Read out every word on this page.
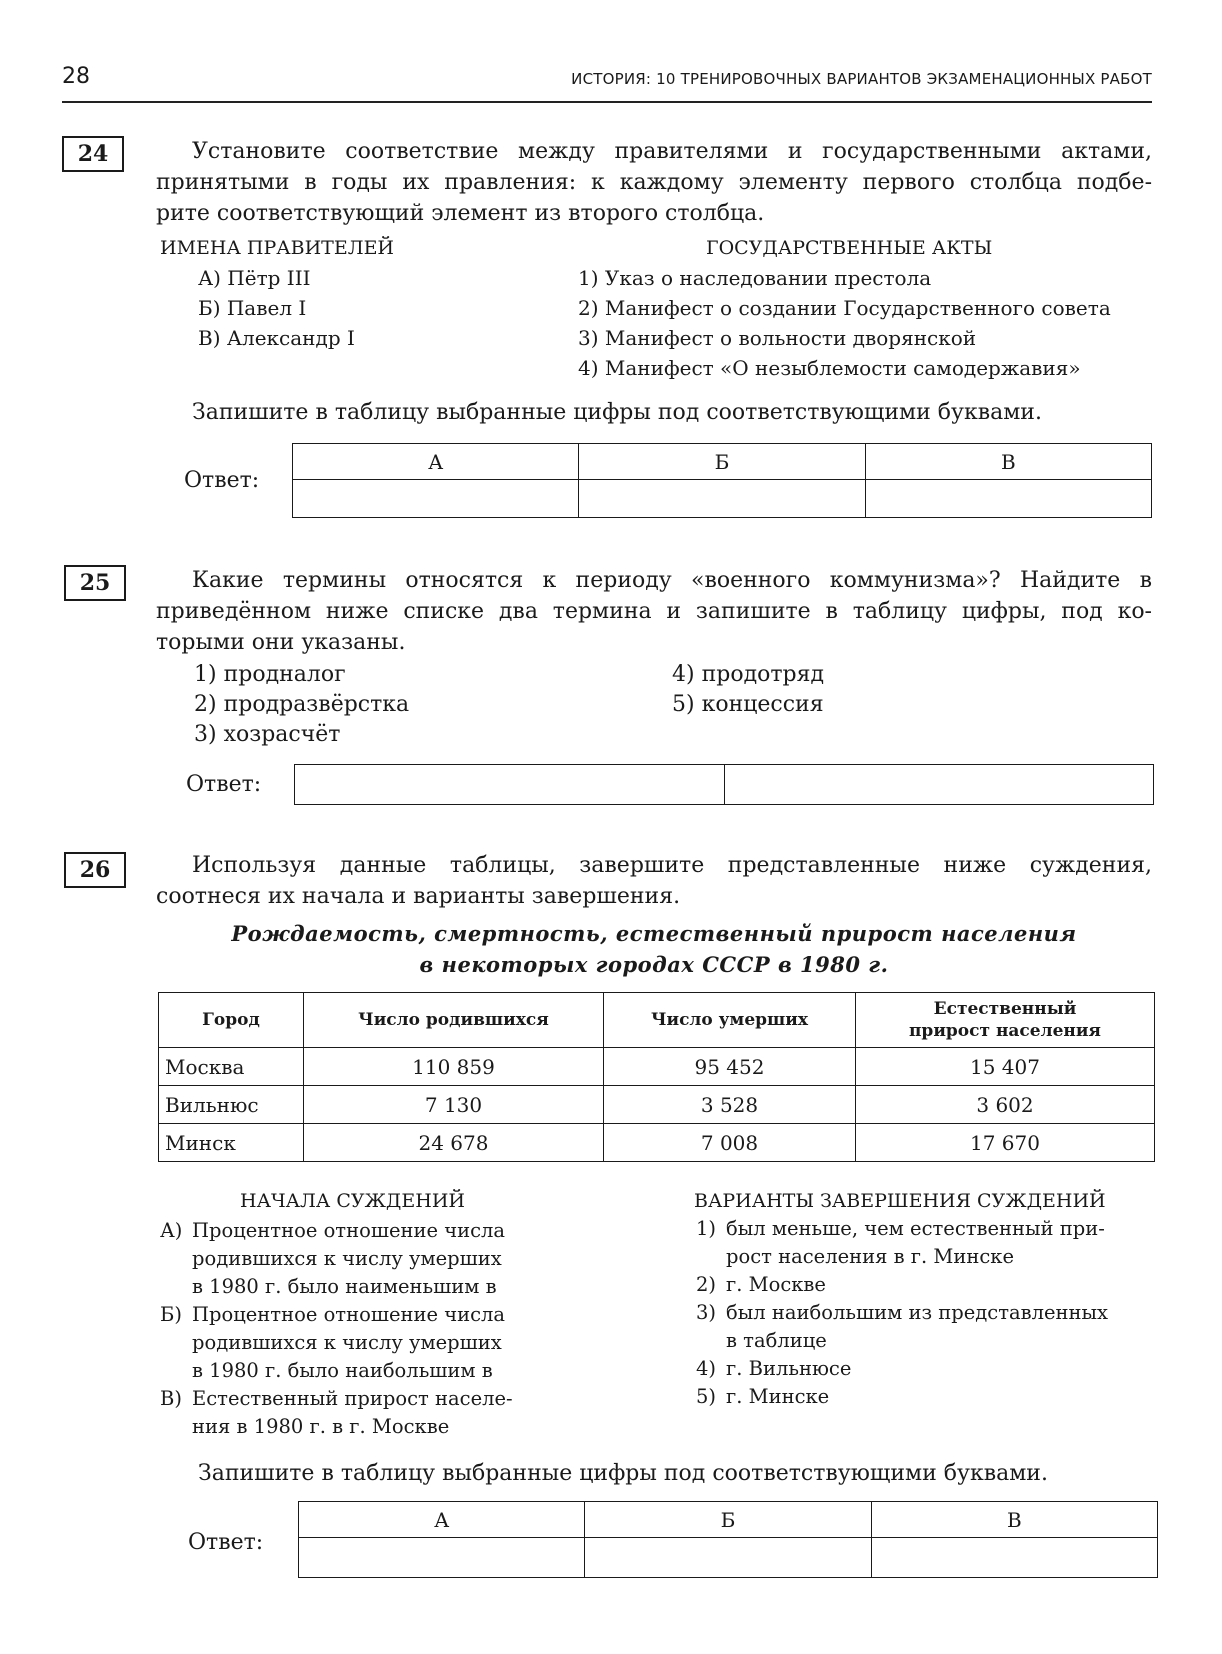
28	ИСТОРИЯ: 10 ТРЕНИРОВОЧНЫХ ВАРИАНТОВ ЭКЗАМЕНАЦИОННЫХ РАБОТ
24	Установите соответствие между правителями и государственными актами,
принятыми в годы их правления: к каждому элементу первого столбца подбе-
рите соответствующий элемент из второго столбца.
ИМЕНА ПРАВИТЕЛЕЙ	ГОСУДАРСТВЕННЫЕ АКТЫ
А) Пётр III
Б) Павел I
В) Александр I
1) Указ о наследовании престола
2) Манифест о создании Государственного совета
3) Манифест о вольности дворянской
4) Манифест «О незыблемости самодержавия»
Запишите в таблицу выбранные цифры под соответствующими буквами.
Ответ:
А	Б	В

25	Какие термины относятся к периоду «военного коммунизма»? Найдите в
приведённом ниже списке два термина и запишите в таблицу цифры, под ко-
торыми они указаны.
1) продналог
2) продразвёрстка
3) хозрасчёт
4) продотряд
5) концессия
Ответ:

26	Используя данные таблицы, завершите представленные ниже суждения,
соотнеся их начала и варианты завершения.
Рождаемость, смертность, естественный прирост населения
в некоторых городах СССР в 1980 г.
Город	Число родившихся	Число умерших	Естественный прирост населения
Москва	110 859	95 452	15 407
Вильнюс	7 130	3 528	3 602
Минск	24 678	7 008	17 670
НАЧАЛА СУЖДЕНИЙ	ВАРИАНТЫ ЗАВЕРШЕНИЯ СУЖДЕНИЙ
А) Процентное отношение числа
родившихся к числу умерших
в 1980 г. было наименьшим в
Б) Процентное отношение числа
родившихся к числу умерших
в 1980 г. было наибольшим в
В) Естественный прирост населе-
ния в 1980 г. в г. Москве
1) был меньше, чем естественный при-
рост населения в г. Минске
2) г. Москве
3) был наибольшим из представленных
в таблице
4) г. Вильнюсе
5) г. Минске
Запишите в таблицу выбранные цифры под соответствующими буквами.
Ответ:
А	Б	В
